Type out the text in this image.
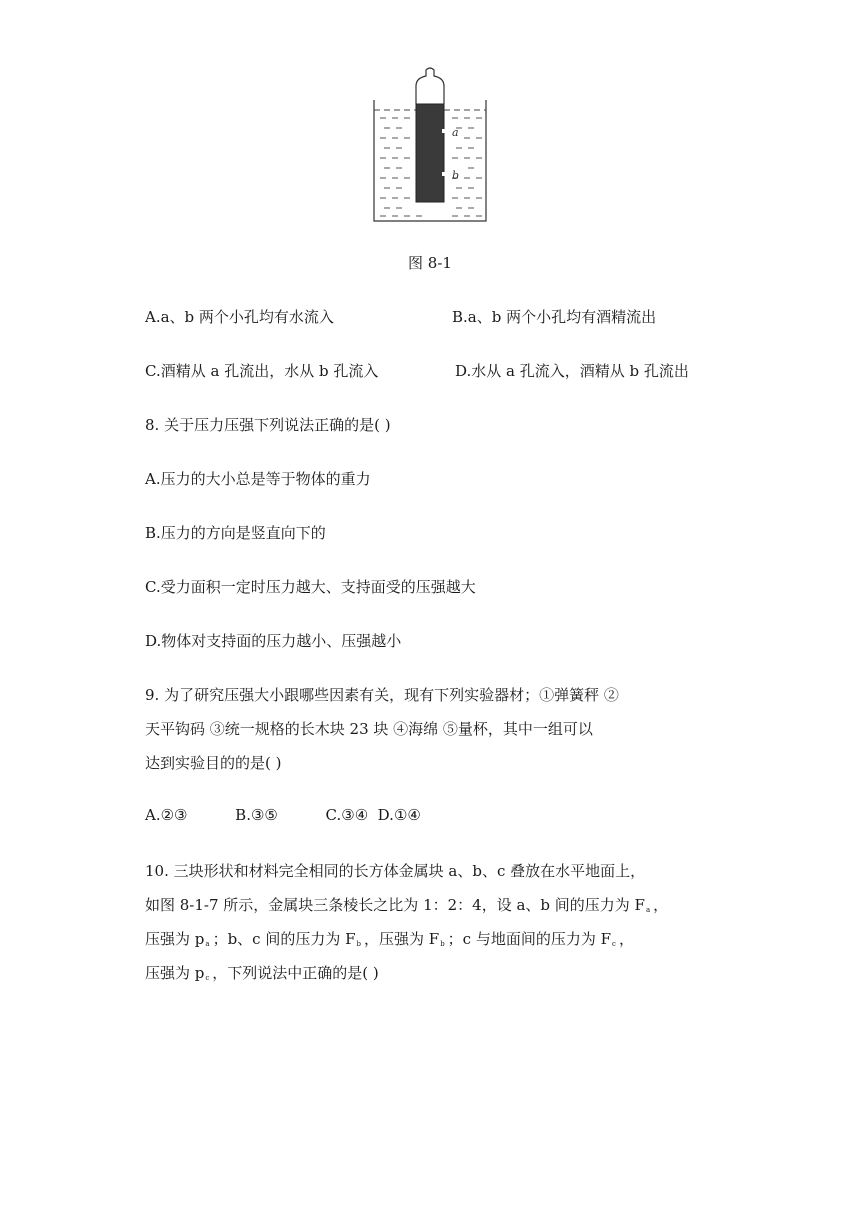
a
b
图 8-1
A.a、b 两个小孔均有水流入	B.a、b 两个小孔均有酒精流出
C.酒精从 a 孔流出，水从 b 孔流入	D.水从 a 孔流入，酒精从 b 孔流出
8. 关于压力压强下列说法正确的是( )
A.压力的大小总是等于物体的重力
B.压力的方向是竖直向下的
C.受力面积一定时压力越大、支持面受的压强越大
D.物体对支持面的压力越小、压强越小
9. 为了研究压强大小跟哪些因素有关，现有下列实验器材；①弹簧秤 ②
天平钩码 ③统一规格的长木块 23 块 ④海绵 ⑤量杯，其中一组可以
达到实验目的的是( )
A.②③          B.③⑤          C.③④  D.①④
10. 三块形状和材料完全相同的长方体金属块 a、b、c 叠放在水平地面上，
如图 8-1-7 所示，金属块三条棱长之比为 1：2：4，设 a、b 间的压力为 $F_a$ ，
压强为 $p_a$ ；b、c 间的压力为 $F_b$ ，压强为 $F_b$ ；c 与地面间的压力为 $F_c$ ，
压强为 $p_c$ ，下列说法中正确的是( )
